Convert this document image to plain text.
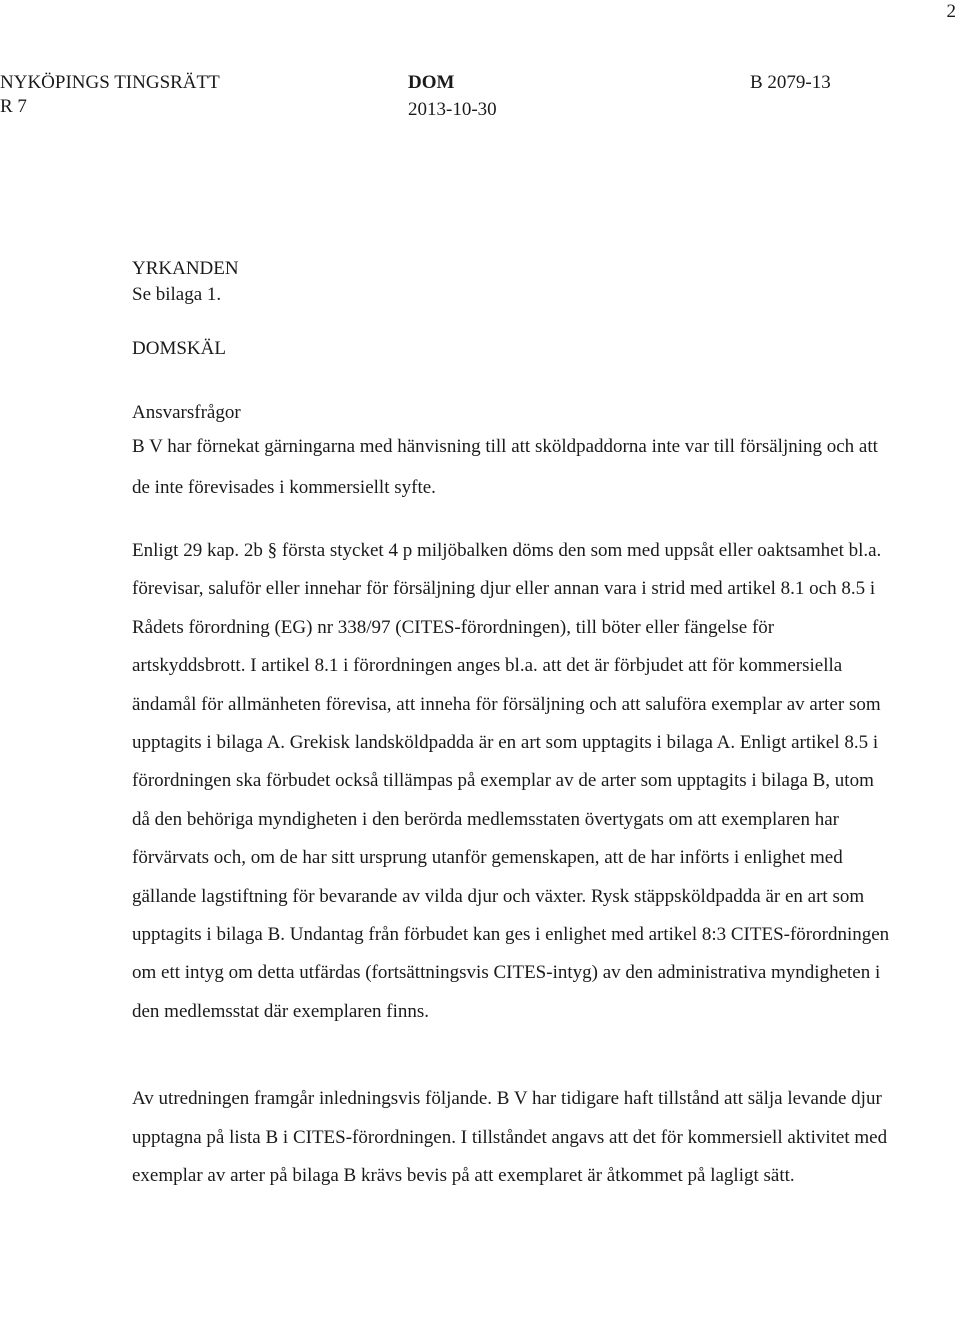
2
NYKÖPINGS TINGSRÄTT
R 7
DOM
2013-10-30
B 2079-13

YRKANDEN

Se bilaga 1.

DOMSKÄL

Ansvarsfrågor

B V har förnekat gärningarna med hänvisning till att sköldpaddorna inte var till försäljning och att de inte förevisades i kommersiellt syfte.

Enligt 29 kap. 2b § första stycket 4 p miljöbalken döms den som med uppsåt eller oaktsamhet bl.a. förevisar, saluför eller innehar för försäljning djur eller annan vara i strid med artikel 8.1 och 8.5 i Rådets förordning (EG) nr 338/97 (CITES-förordningen), till böter eller fängelse för artskyddsbrott. I artikel 8.1 i förordningen anges bl.a. att det är förbjudet att för kommersiella ändamål för allmänheten förevisa, att inneha för försäljning och att saluföra exemplar av arter som upptagits i bilaga A. Grekisk landsköldpadda är en art som upptagits i bilaga A. Enligt artikel 8.5 i förordningen ska förbudet också tillämpas på exemplar av de arter som upptagits i bilaga B, utom då den behöriga myndigheten i den berörda medlemsstaten övertygats om att exemplaren har förvärvats och, om de har sitt ursprung utanför gemenskapen, att de har införts i enlighet med gällande lagstiftning för bevarande av vilda djur och växter. Rysk stäppsköldpadda är en art som upptagits i bilaga B. Undantag från förbudet kan ges i enlighet med artikel 8:3 CITES-förordningen om ett intyg om detta utfärdas (fortsättningsvis CITES-intyg) av den administrativa myndigheten i den medlemsstat där exemplaren finns.

Av utredningen framgår inledningsvis följande. B V har tidigare haft tillstånd att sälja levande djur upptagna på lista B i CITES-förordningen. I tillståndet angavs att det för kommersiell aktivitet med exemplar av arter på bilaga B krävs bevis på att exemplaret är åtkommet på lagligt sätt.
